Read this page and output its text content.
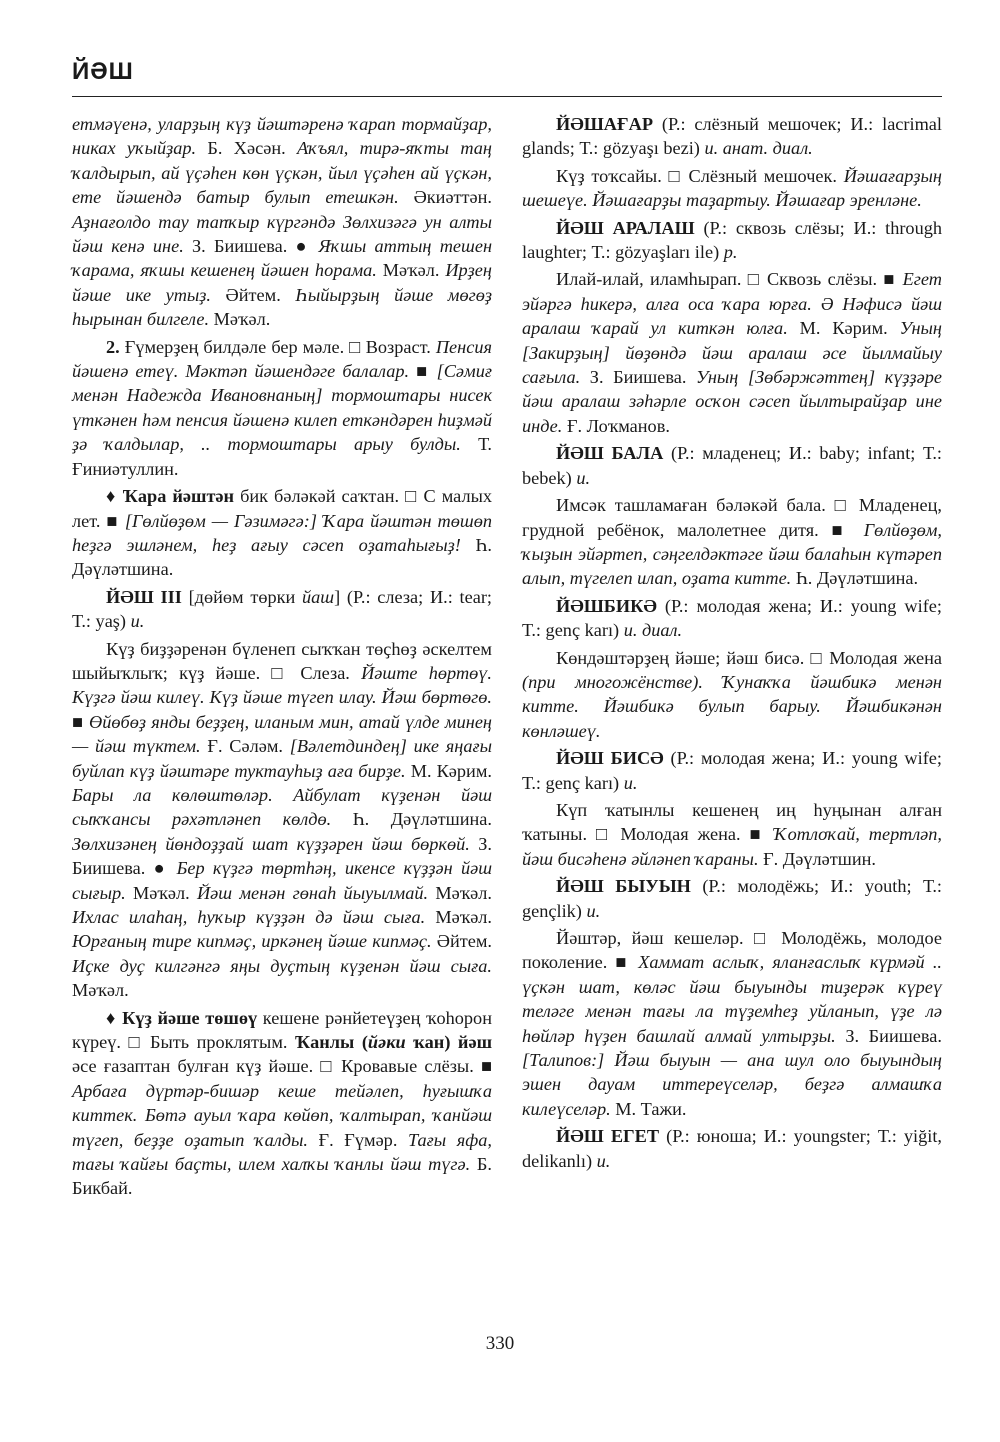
ЙӘШ

етмәүенә, уларҙың күҙ йәштәренә ҡарап тормайҙар, никах уҡыйҙар. Б. Хәсән. Аҡъял, тирә-яҡты таң ҡалдырып, ай үҫәһен көн үҫкән, йыл үҫәһен ай үҫкән, ете йәшендә батыр булып етешкән. Әкиәттән. Аҙнағолдо тау тапҡыр күргәндә Зөлхизәгә ун алты йәш кенә ине. З. Биишева. ● Яҡшы аттың тешен ҡарама, яҡшы кешенең йәшен һорама. Мәҡәл. Ирҙең йәше ике утыҙ. Әйтем. Һыйырҙың йәше мөгөҙ һырынан билгеле. Мәҡәл.

2. Ғүмерҙең билдәле бер мәле. □ Возраст. Пенсия йәшенә етеү. Мәктәп йәшендәге балалар. ■ [Сәмиғ менән Надежда Ивановнаның] тормоштары нисек үткәнен һәм пенсия йәшенә килеп еткәндәрен һиҙмәй ҙә ҡалдылар, .. тормоштары арыу булды. Т. Ғиниәтуллин.

♦ Ҡара йәштән бик бәләкәй саҡтан. □ С малых лет. ■ [Гөлйөҙөм — Гәзимәгә:] Ҡара йәштән төшөп һеҙгә эшләнем, һеҙ ағыу сәсеп оҙатаһығыҙ! Һ. Дәүләтшина.

ЙӘШ III [дөйөм төрки йаш] (Р.: слеза; И.: tear; Т.: yaş) и.

Күҙ биҙҙәренән бүленеп сыҡҡан төҫһөҙ әскелтем шыйыҡлыҡ; күҙ йәше. □ Слеза. Йәште һөртөү. Күҙгә йәш килеү. Күҙ йәше түгеп илау. Йәш бөртөгө. ■ Өйөбөҙ янды беҙҙең, иланым мин, атай үлде минең — йәш түктем. Ғ. Сәләм. [Вәлетдиндең] ике яңағы буйлап күҙ йәштәре туктауһыҙ аға бирҙе. М. Кәрим. Бары ла көлөштөләр. Айбулат күҙенән йәш сыҡҡансы рәхәтләнеп көлдө. Һ. Дәүләтшина. Зөлхизәнең йөндоҙҙай шат күҙҙәрен йәш бөркөй. З. Биишева. ● Бер күҙгә төртһәң, икенсе күҙҙән йәш сығыр. Мәҡәл. Йәш менән гөнаһ йыуылмай. Мәҡәл. Ихлас илаһаң, һуҡыр күҙҙән дә йәш сыға. Мәҡәл. Юрғаның тире кипмәҫ, иркәнең йәше кипмәҫ. Әйтем. Иҫке дуҫ килгәнгә яңы дуҫтың күҙенән йәш сыға. Мәҡәл.

♦ Күҙ йәше төшөү кешене рәнйетеүҙең ҡоһорон күреү. □ Быть проклятым. Ҡанлы (йәки ҡан) йәш әсе ғазаптан булған күҙ йәше. □ Кровавые слёзы. ■ Арбаға дүртәр-бишәр кеше тейәлеп, һуғышҡа киттек. Бөтә ауыл ҡара көйөп, ҡалтырап, ҡанйәш түгеп, беҙҙе оҙатып ҡалды. Ғ. Ғүмәр. Тағы яфа, тағы ҡайғы баҫты, илем халҡы ҡанлы йәш түгә. Б. Бикбай.

ЙӘШАҒАР (Р.: слёзный мешочек; И.: lacrimal glands; Т.: gözyaşı bezi) и. анат. диал.

Күҙ тоҡсайы. □ Слёзный мешочек. Йәшағарҙың шешеүе. Йәшағарҙы таҙартыу. Йәшағар эренләне.

ЙӘШ АРАЛАШ (Р.: сквозь слёзы; И.: through laughter; Т.: gözyaşları ile) р.

Илай-илай, иламһырап. □ Сквозь слёзы. ■ Егет эйәргә һикерә, алға оса ҡара юрға. Ә Нәфисә йәш аралаш ҡарай ул киткән юлға. М. Кәрим. Уның [Закирҙың] йөҙөндә йәш аралаш әсе йылмайыу сағыла. З. Биишева. Уның [Зөбәржәттең] күҙҙәре йәш аралаш зәһәрле осҡон сәсеп йылтырайҙар ине инде. Ғ. Лоҡманов.

ЙӘШ БАЛА (Р.: младенец; И.: baby; infant; Т.: bebek) и.

Имсәк ташламаған бәләкәй бала. □ Младенец, грудной ребёнок, малолетнее дитя. ■ Гөлйөҙөм, ҡыҙын эйәртеп, сәңгелдәктәге йәш балаһын күтәреп алып, түгелеп илап, оҙата китте. Һ. Дәүләтшина.

ЙӘШБИКӘ (Р.: молодая жена; И.: young wife; Т.: genç karı) и. диал.

Көндәштәрҙең йәше; йәш бисә. □ Молодая жена (при многожёнстве). Ҡунаҡҡа йәшбикә менән китте. Йәшбикә булып барыу. Йәшбикәнән көнләшеү.

ЙӘШ БИСӘ (Р.: молодая жена; И.: young wife; Т.: genç karı) и.

Күп ҡатынлы кешенең иң һуңынан алған ҡатыны. □ Молодая жена. ■ Ҡотлоҡай, тертләп, йәш бисәһенә әйләнеп ҡараны. Ғ. Дәүләтшин.

ЙӘШ БЫУЫН (Р.: молодёжь; И.: youth; Т.: gençlik) и.

Йәштәр, йәш кешеләр. □ Молодёжь, молодое поколение. ■ Хаммат аслыҡ, яланғаслыҡ күрмәй .. үҫкән шат, көләс йәш быуынды тиҙерәк күреү теләге менән тағы ла түҙемһеҙ уйланып, үҙе лә һөйләр һүҙен башлай алмай ултырҙы. З. Биишева. [Талипов:] Йәш быуын — ана шул оло быуындың эшен дауам иттереүселәр, беҙгә алмашҡа килеүселәр. М. Тажи.

ЙӘШ ЕГЕТ (Р.: юноша; И.: youngster; Т.: yiğit, delikanlı) и.

330
